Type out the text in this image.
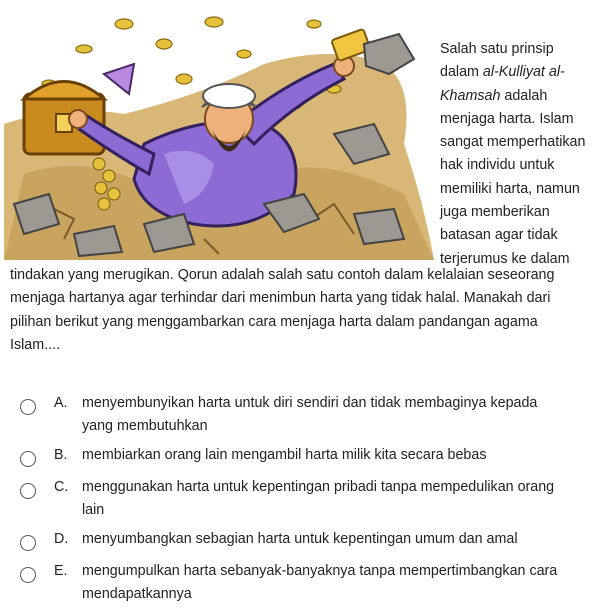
Salah satu prinsip
dalam al-Kulliyat al-
Khamsah adalah
menjaga harta. Islam
sangat memperhatikan
hak individu untuk
memiliki harta, namun
juga memberikan
batasan agar tidak
terjerumus ke dalam
tindakan yang merugikan. Qorun adalah salah satu contoh dalam kelalaian seseorang
menjaga hartanya agar terhindar dari menimbun harta yang tidak halal. Manakah dari
pilihan berikut yang menggambarkan cara menjaga harta dalam pandangan agama
Islam....
A. menyembunyikan harta untuk diri sendiri dan tidak membaginya kepada
yang membutuhkan
B. membiarkan orang lain mengambil harta milik kita secara bebas
C. menggunakan harta untuk kepentingan pribadi tanpa mempedulikan orang
lain
D. menyumbangkan sebagian harta untuk kepentingan umum dan amal
E. mengumpulkan harta sebanyak-banyaknya tanpa mempertimbangkan cara
mendapatkannya
